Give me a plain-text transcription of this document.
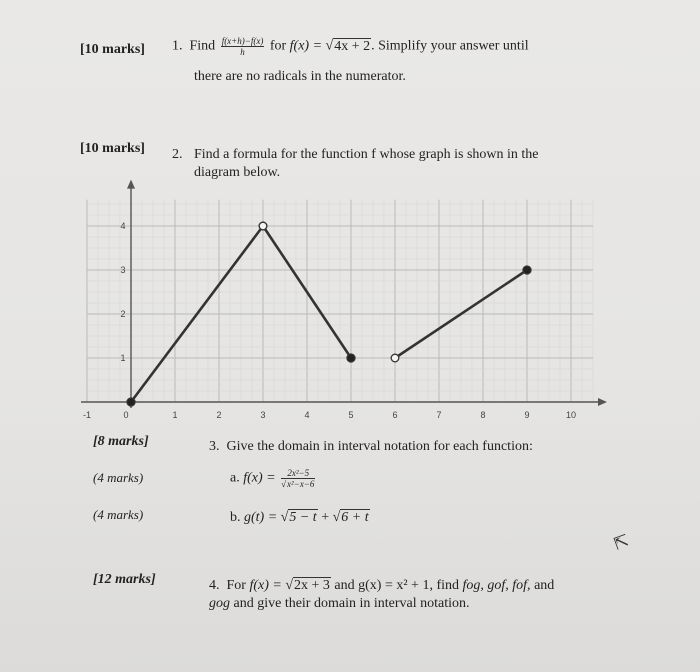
[10 marks] 1. Find $\frac{f(x+h)-f(x)}{h}$ for f(x) = √4x + 2. Simplify your answer until
there are no radicals in the numerator.
[10 marks] 2. Find a formula for the function f whose graph is shown in the
diagram below.
-1	0	1	2	3	4	5	6	7	8	9	10
1
2
3
4
[8 marks]	3. Give the domain in interval notation for each function:
(4 marks)	a. $f(x) = \frac{\text{2x²−5}}{\text{√x²−x−6}}$
(4 marks)	b. g(t) = √5 − t + √6 + t
⇱
[12 marks]	4. For f(x) = √2x + 3 and g(x) = x² + 1, find fog, gof, fof, and
gog and give their domain in interval notation.
